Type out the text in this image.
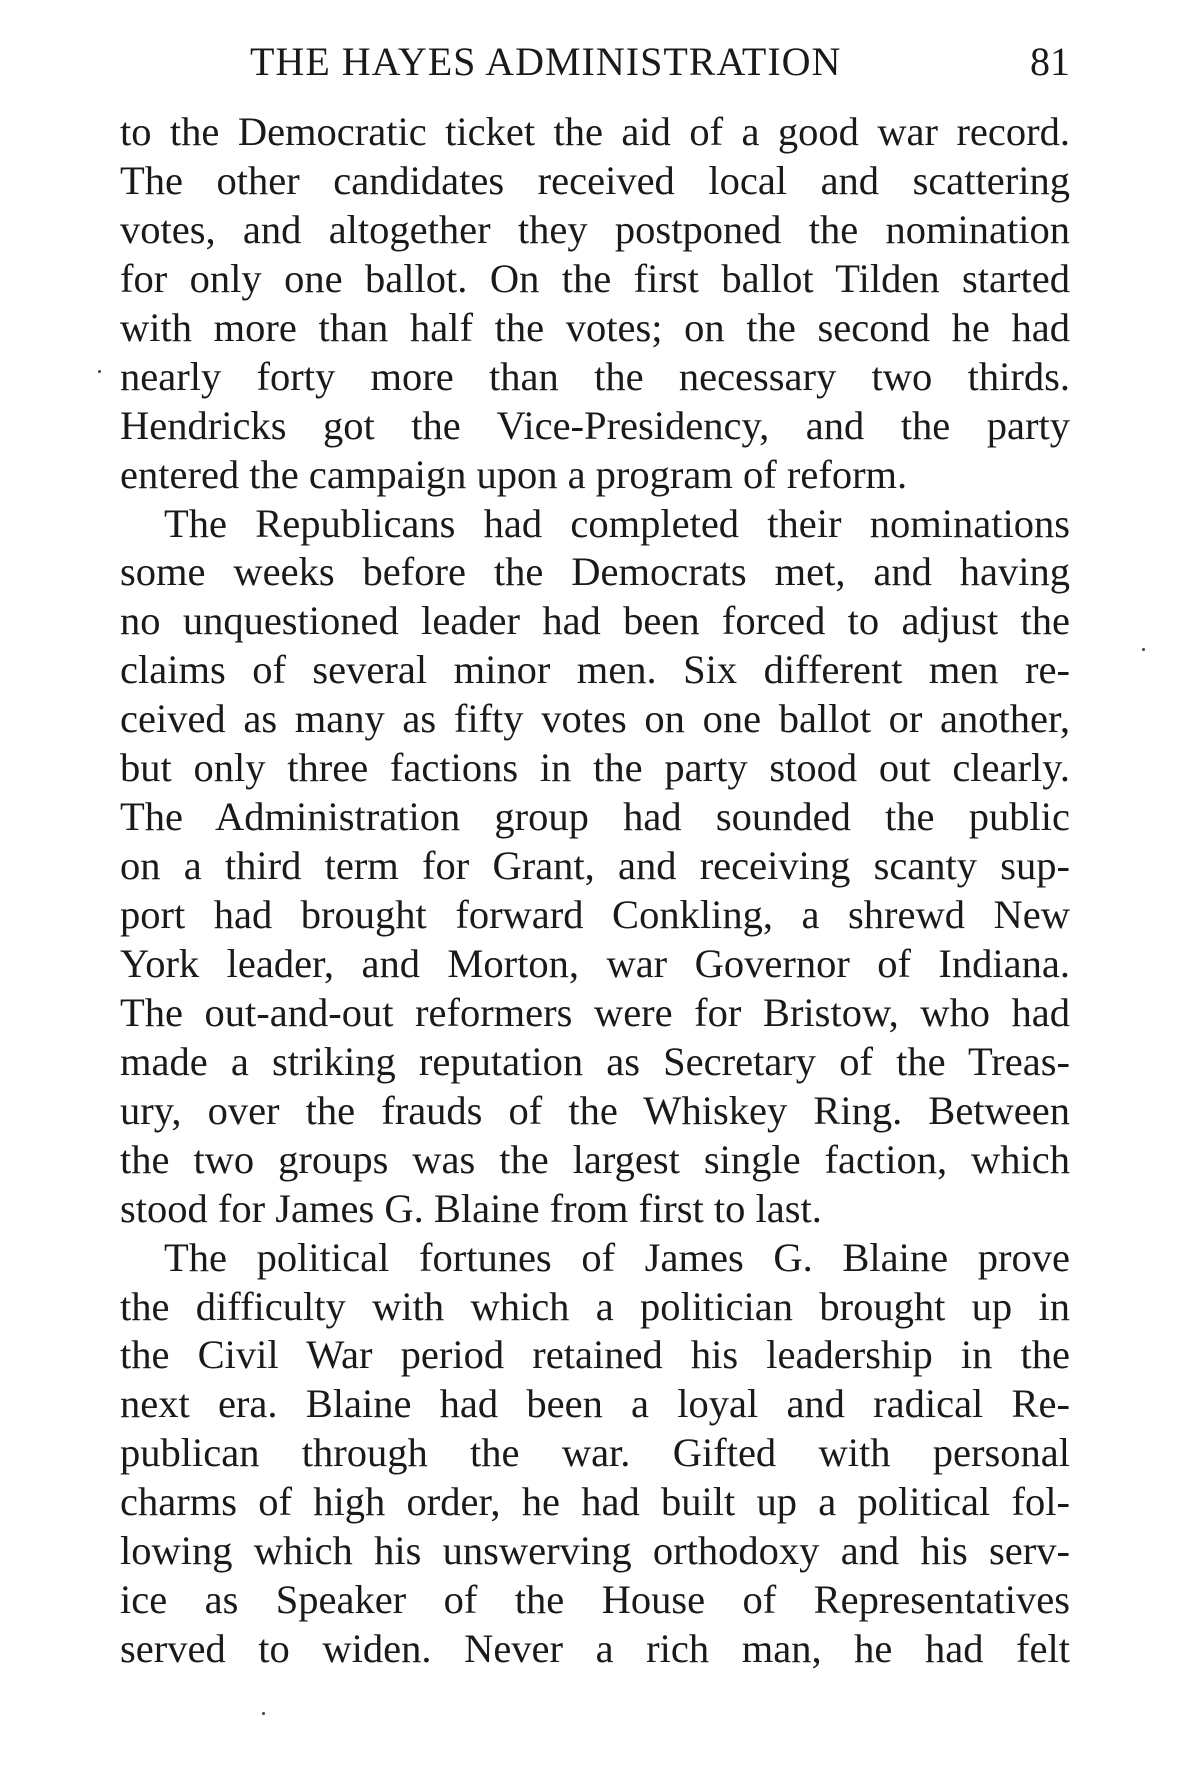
THE HAYES ADMINISTRATION	81
to the Democratic ticket the aid of a good war record.
The other candidates received local and scattering
votes, and altogether they postponed the nomination
for only one ballot. On the first ballot Tilden started
with more than half the votes; on the second he had
nearly forty more than the necessary two thirds.
Hendricks got the Vice-Presidency, and the party
entered the campaign upon a program of reform.
The Republicans had completed their nominations
some weeks before the Democrats met, and having
no unquestioned leader had been forced to adjust the
claims of several minor men. Six different men re-
ceived as many as fifty votes on one ballot or another,
but only three factions in the party stood out clearly.
The Administration group had sounded the public
on a third term for Grant, and receiving scanty sup-
port had brought forward Conkling, a shrewd New
York leader, and Morton, war Governor of Indiana.
The out-and-out reformers were for Bristow, who had
made a striking reputation as Secretary of the Treas-
ury, over the frauds of the Whiskey Ring. Between
the two groups was the largest single faction, which
stood for James G. Blaine from first to last.
The political fortunes of James G. Blaine prove
the difficulty with which a politician brought up in
the Civil War period retained his leadership in the
next era. Blaine had been a loyal and radical Re-
publican through the war. Gifted with personal
charms of high order, he had built up a political fol-
lowing which his unswerving orthodoxy and his serv-
ice as Speaker of the House of Representatives
served to widen. Never a rich man, he had felt
